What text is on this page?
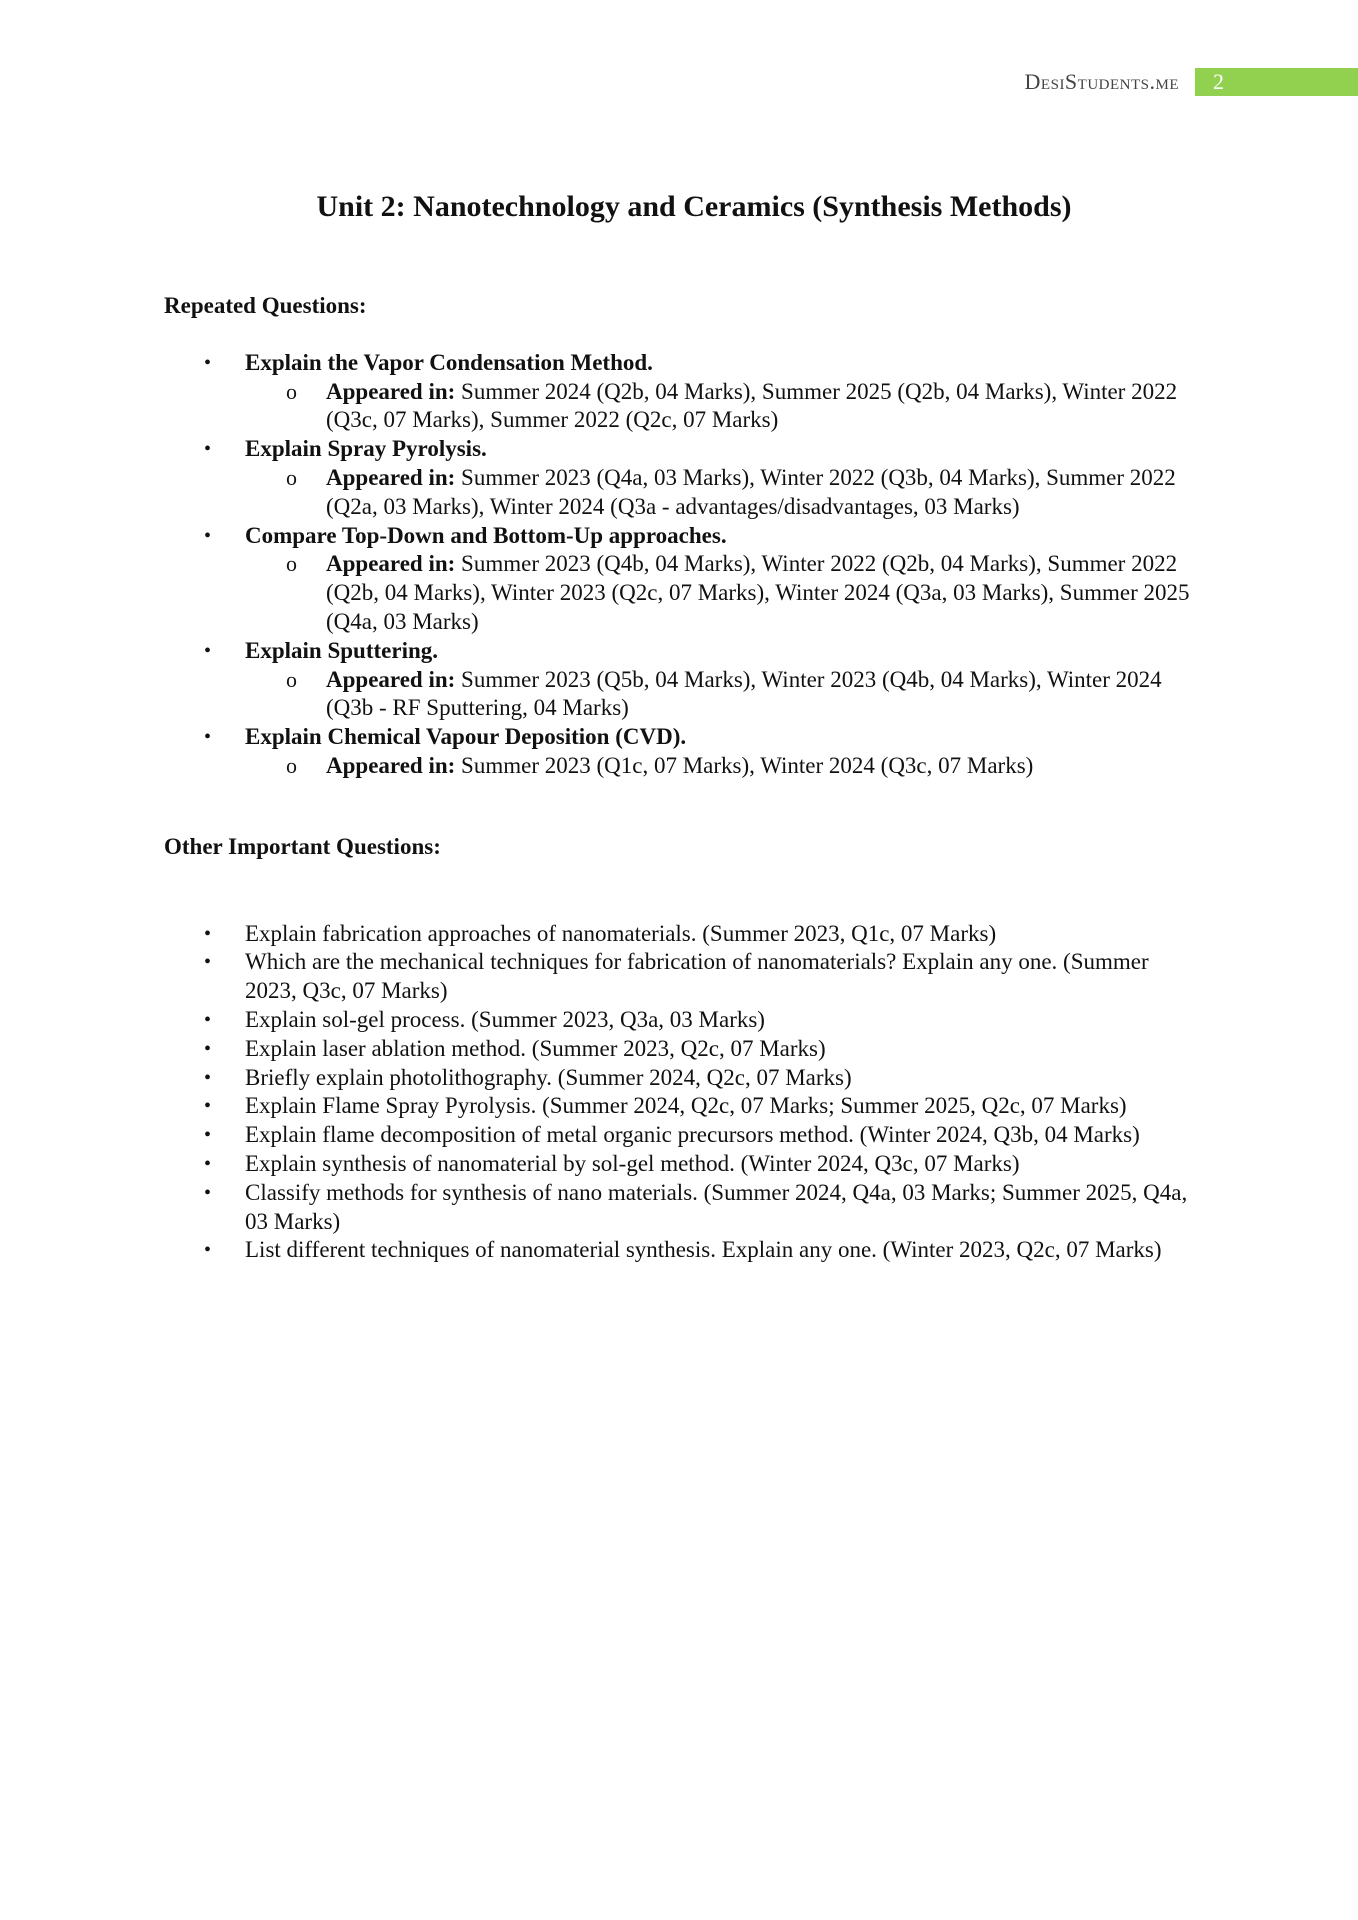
DesiStudents.me 2
Unit 2: Nanotechnology and Ceramics (Synthesis Methods)

Repeated Questions:

• Explain the Vapor Condensation Method.
o Appeared in: Summer 2024 (Q2b, 04 Marks), Summer 2025 (Q2b, 04 Marks), Winter 2022 (Q3c, 07 Marks), Summer 2022 (Q2c, 07 Marks)
• Explain Spray Pyrolysis.
o Appeared in: Summer 2023 (Q4a, 03 Marks), Winter 2022 (Q3b, 04 Marks), Summer 2022 (Q2a, 03 Marks), Winter 2024 (Q3a - advantages/disadvantages, 03 Marks)
• Compare Top-Down and Bottom-Up approaches.
o Appeared in: Summer 2023 (Q4b, 04 Marks), Winter 2022 (Q2b, 04 Marks), Summer 2022 (Q2b, 04 Marks), Winter 2023 (Q2c, 07 Marks), Winter 2024 (Q3a, 03 Marks), Summer 2025 (Q4a, 03 Marks)
• Explain Sputtering.
o Appeared in: Summer 2023 (Q5b, 04 Marks), Winter 2023 (Q4b, 04 Marks), Winter 2024 (Q3b - RF Sputtering, 04 Marks)
• Explain Chemical Vapour Deposition (CVD).
o Appeared in: Summer 2023 (Q1c, 07 Marks), Winter 2024 (Q3c, 07 Marks)

Other Important Questions:

• Explain fabrication approaches of nanomaterials. (Summer 2023, Q1c, 07 Marks)
• Which are the mechanical techniques for fabrication of nanomaterials? Explain any one. (Summer 2023, Q3c, 07 Marks)
• Explain sol-gel process. (Summer 2023, Q3a, 03 Marks)
• Explain laser ablation method. (Summer 2023, Q2c, 07 Marks)
• Briefly explain photolithography. (Summer 2024, Q2c, 07 Marks)
• Explain Flame Spray Pyrolysis. (Summer 2024, Q2c, 07 Marks; Summer 2025, Q2c, 07 Marks)
• Explain flame decomposition of metal organic precursors method. (Winter 2024, Q3b, 04 Marks)
• Explain synthesis of nanomaterial by sol-gel method. (Winter 2024, Q3c, 07 Marks)
• Classify methods for synthesis of nano materials. (Summer 2024, Q4a, 03 Marks; Summer 2025, Q4a, 03 Marks)
• List different techniques of nanomaterial synthesis. Explain any one. (Winter 2023, Q2c, 07 Marks)
